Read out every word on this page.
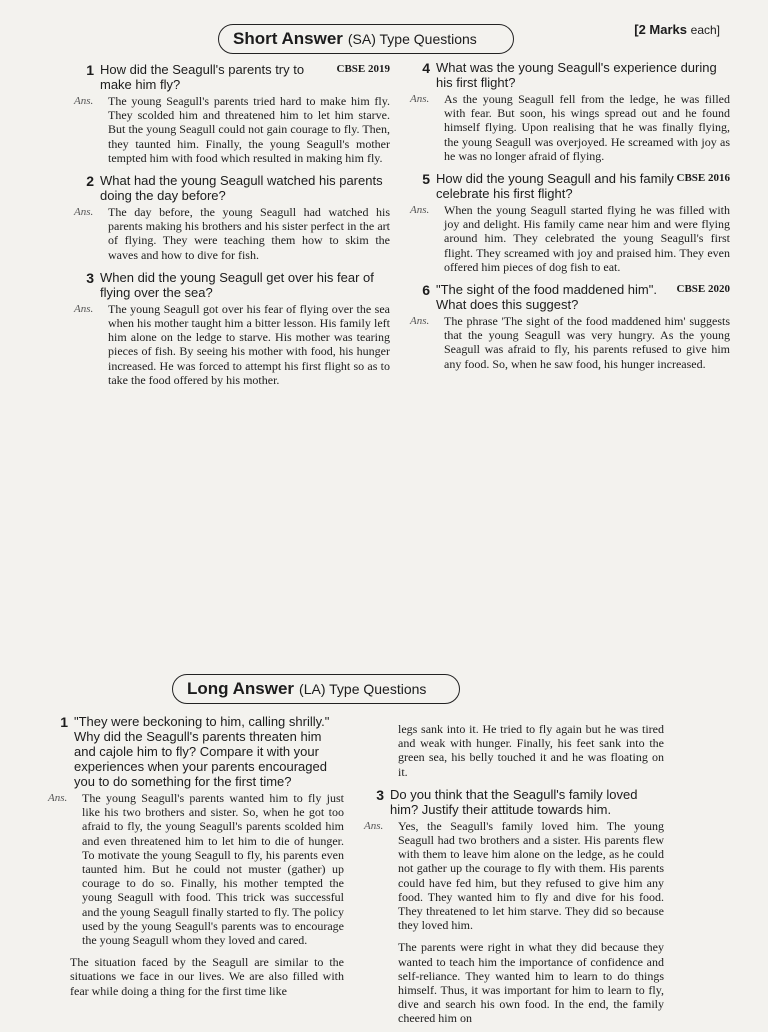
Short Answer (SA) Type Questions
[2 Marks each]
1	CBSE 2019
How did the Seagull's parents try to make him fly?
Ans.	The young Seagull's parents tried hard to make him fly. They scolded him and threatened him to let him starve. But the young Seagull could not gain courage to fly. Then, they taunted him. Finally, the young Seagull's mother tempted him with food which resulted in making him fly.
2 What had the young Seagull watched his parents doing the day before?
Ans.	The day before, the young Seagull had watched his parents making his brothers and his sister perfect in the art of flying. They were teaching them how to skim the waves and how to dive for fish.
3 When did the young Seagull get over his fear of flying over the sea?
Ans.	The young Seagull got over his fear of flying over the sea when his mother taught him a bitter lesson. His family left him alone on the ledge to starve. His mother was tearing pieces of fish. By seeing his mother with food, his hunger increased. He was forced to attempt his first flight so as to take the food offered by his mother.
4 What was the young Seagull's experience during his first flight?
Ans.	As the young Seagull fell from the ledge, he was filled with fear. But soon, his wings spread out and he found himself flying. Upon realising that he was finally flying, the young Seagull was overjoyed. He screamed with joy as he was no longer afraid of flying.
5	CBSE 2016
How did the young Seagull and his family celebrate his first flight?
Ans.	When the young Seagull started flying he was filled with joy and delight. His family came near him and were flying around him. They celebrated the young Seagull's first flight. They screamed with joy and praised him. They even offered him pieces of dog fish to eat.
6	CBSE 2020
"The sight of the food maddened him". What does this suggest?
Ans.	The phrase 'The sight of the food maddened him' suggests that the young Seagull was very hungry. As the young Seagull was afraid to fly, his parents refused to give him any food. So, when he saw food, his hunger increased.
Long Answer (LA) Type Questions
1 "They were beckoning to him, calling shrilly." Why did the Seagull's parents threaten him and cajole him to fly? Compare it with your experiences when your parents encouraged you to do something for the first time?
Ans.	The young Seagull's parents wanted him to fly just like his two brothers and sister. So, when he got too afraid to fly, the young Seagull's parents scolded him and even threatened him to let him to die of hunger. To motivate the young Seagull to fly, his parents even taunted him. But he could not muster (gather) up courage to do so. Finally, his mother tempted the young Seagull with food. This trick was successful and the young Seagull finally started to fly. The policy used by the young Seagull's parents was to encourage the young Seagull whom they loved and cared.

The situation faced by the Seagull are similar to the situations we face in our lives. We are also filled with fear while doing a thing for the first time like

legs sank into it. He tried to fly again but he was tired and weak with hunger. Finally, his feet sank into the green sea, his belly touched it and he was floating on it.

3 Do you think that the Seagull's family loved him? Justify their attitude towards him.
Ans.	Yes, the Seagull's family loved him. The young Seagull had two brothers and a sister. His parents flew with them to leave him alone on the ledge, as he could not gather up the courage to fly with them. His parents could have fed him, but they refused to give him any food. They wanted him to fly and dive for his food. They threatened to let him starve. They did so because they loved him.

The parents were right in what they did because they wanted to teach him the importance of confidence and self-reliance. They wanted him to learn to do things himself. Thus, it was important for him to learn to fly, dive and search his own food. In the end, the family cheered him on
